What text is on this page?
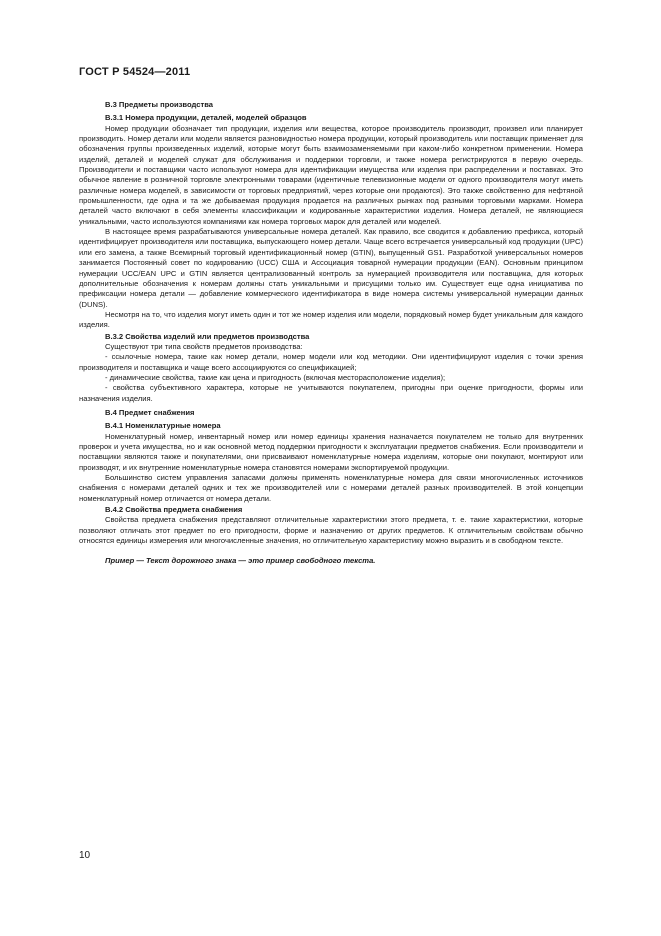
ГОСТ Р 54524—2011
В.3 Предметы производства
В.3.1 Номера продукции, деталей, моделей образцов

Номер продукции обозначает тип продукции, изделия или вещества, которое производитель производит, произвел или планирует производить. Номер детали или модели является разновидностью номера продукции, который производитель или поставщик применяет для обозначения группы произведенных изделий, которые могут быть взаимозаменяемыми при каком-либо конкретном применении. Номера изделий, деталей и моделей служат для обслуживания и поддержки торговли, и также номера регистрируются в первую очередь. Производители и поставщики часто используют номера для идентификации имущества или изделия при распределении и поставках. Это обычное явление в розничной торговле электронными товарами (идентичные телевизионные модели от одного производителя могут иметь различные номера моделей, в зависимости от торговых предприятий, через которые они продаются). Это также свойственно для нефтяной промышленности, где одна и та же добываемая продукция продается на различных рынках под разными торговыми марками. Номера деталей часто включают в себя элементы классификации и кодированные характеристики изделия. Номера деталей, не являющиеся уникальными, часто используются компаниями как номера торговых марок для деталей или моделей.

В настоящее время разрабатываются универсальные номера деталей. Как правило, все сводится к добавлению префикса, который идентифицирует производителя или поставщика, выпускающего номер детали. Чаще всего встречается универсальный код продукции (UPC) или его замена, а также Всемирный торговый идентификационный номер (GTIN), выпущенный GS1. Разработкой универсальных номеров занимается Постоянный совет по кодированию (UCC) США и Ассоциация товарной нумерации продукции (EAN). Основным принципом нумерации UCC/EAN UPC и GTIN является централизованный контроль за нумерацией производителя или поставщика, для которых дополнительные обозначения к номерам должны стать уникальными и присущими только им. Существует еще одна инициатива по префиксации номера детали — добавление коммерческого идентификатора в виде номера системы универсальной нумерации данных (DUNS).

Несмотря на то, что изделия могут иметь один и тот же номер изделия или модели, порядковый номер будет уникальным для каждого изделия.

В.3.2 Свойства изделий или предметов производства

Существуют три типа свойств предметов производства:

- ссылочные номера, такие как номер детали, номер модели или код методики. Они идентифицируют изделия с точки зрения производителя и поставщика и чаще всего ассоциируются со спецификацией;

- динамические свойства, такие как цена и пригодность (включая месторасположение изделия);

- свойства субъективного характера, которые не учитываются покупателем, пригодны при оценке пригодности, формы или назначения изделия.

В.4 Предмет снабжения
В.4.1 Номенклатурные номера

Номенклатурный номер, инвентарный номер или номер единицы хранения назначается покупателем не только для внутренних проверок и учета имущества, но и как основной метод поддержки пригодности к эксплуатации предметов снабжения. Если производители и поставщики являются также и покупателями, они присваивают номенклатурные номера изделиям, которые они покупают, монтируют или производят, и их внутренние номенклатурные номера становятся номерами экспортируемой продукции.

Большинство систем управления запасами должны применять номенклатурные номера для связи многочисленных источников снабжения с номерами деталей одних и тех же производителей или с номерами деталей разных производителей. В этой концепции номенклатурный номер отличается от номера детали.

В.4.2 Свойства предмета снабжения

Свойства предмета снабжения представляют отличительные характеристики этого предмета, т. е. такие характеристики, которые позволяют отличать этот предмет по его пригодности, форме и назначению от других предметов. К отличительным свойствам обычно относятся единицы измерения или многочисленные значения, но отличительную характеристику можно выразить и в свободном тексте.

Пример — Текст дорожного знака — это пример свободного текста.

10
